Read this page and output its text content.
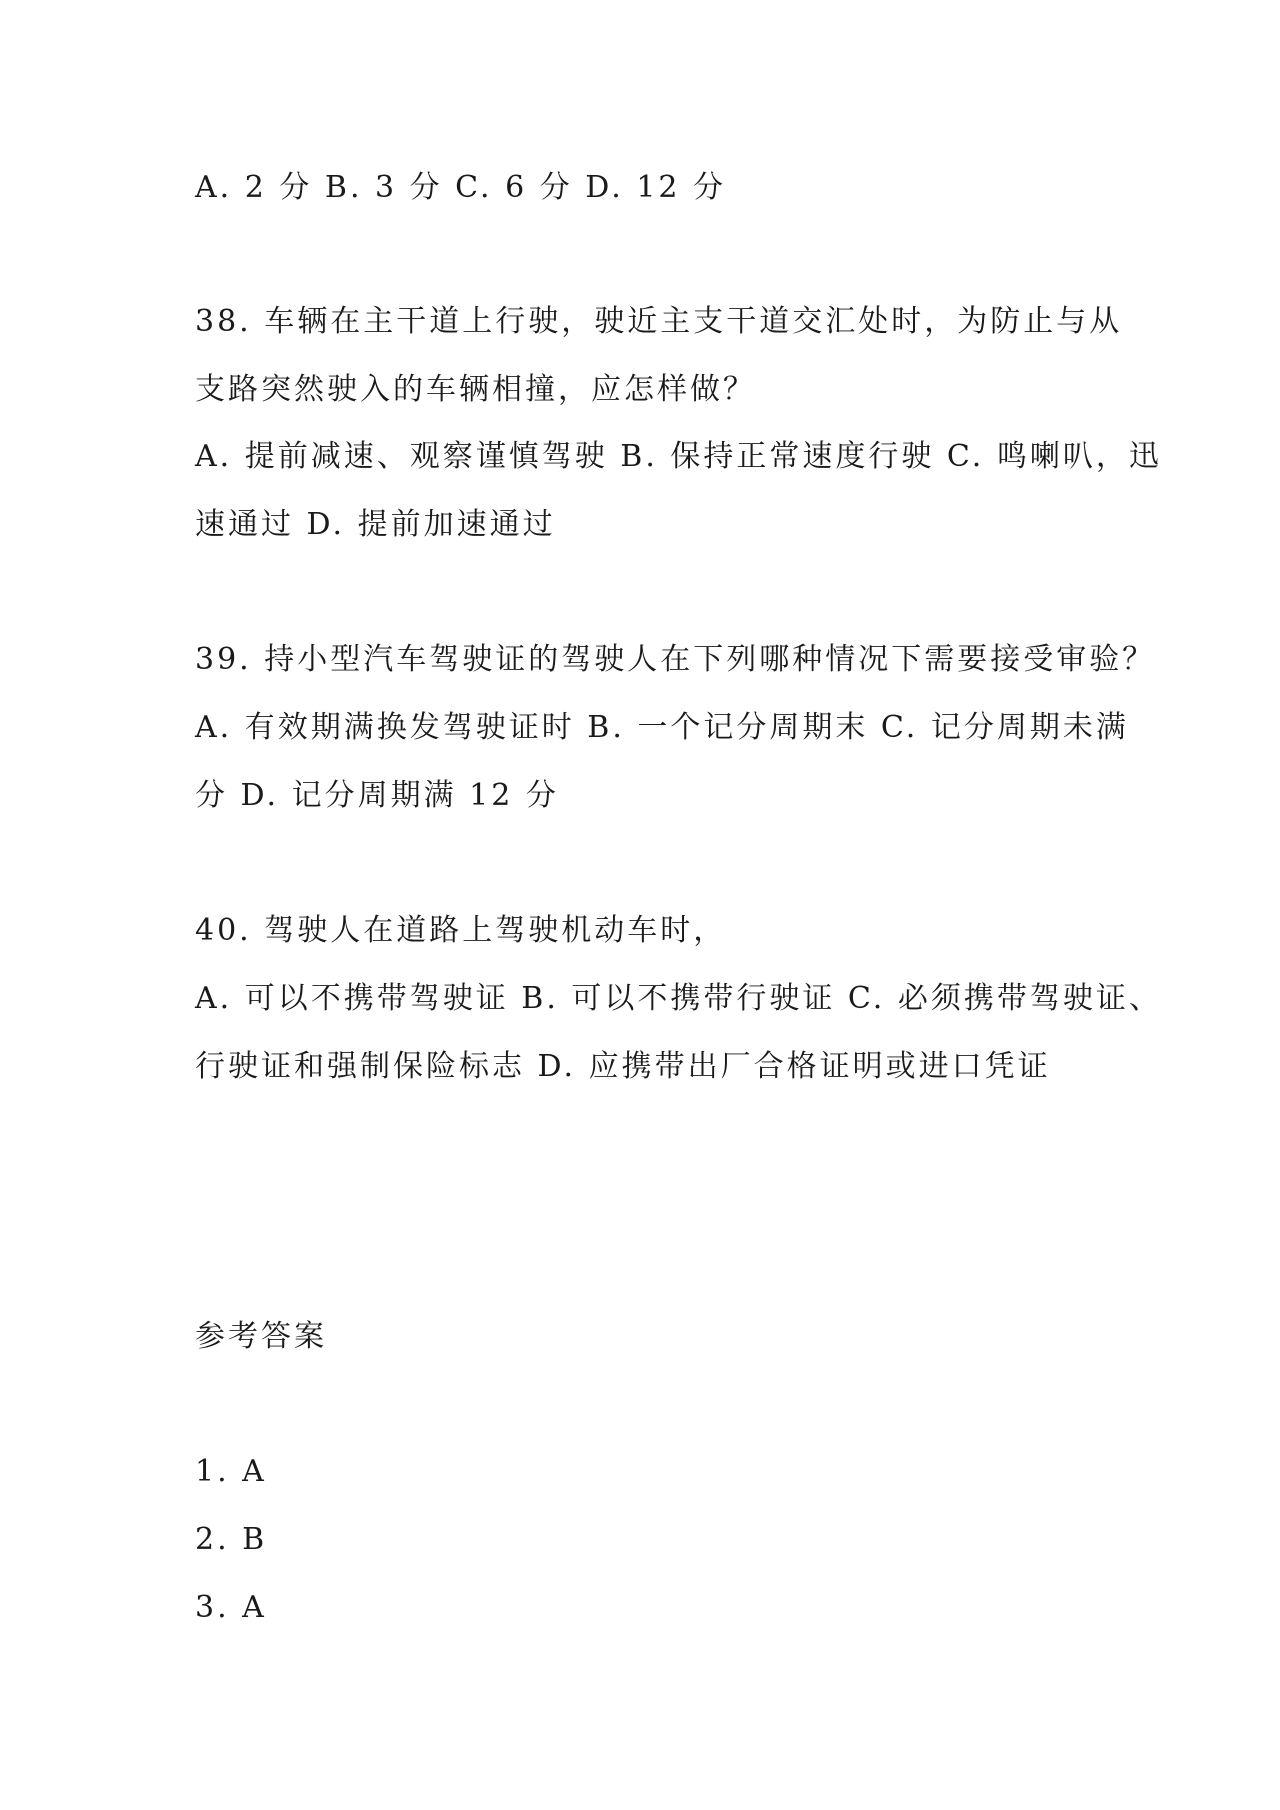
A. 2 分 B. 3 分 C. 6 分 D. 12 分
38. 车辆在主干道上行驶，驶近主支干道交汇处时，为防止与从
支路突然驶入的车辆相撞，应怎样做？
A. 提前减速、观察谨慎驾驶 B. 保持正常速度行驶 C. 鸣喇叭，迅
速通过 D. 提前加速通过
39. 持小型汽车驾驶证的驾驶人在下列哪种情况下需要接受审验？
A. 有效期满换发驾驶证时 B. 一个记分周期末 C. 记分周期未满
分 D. 记分周期满 12 分
40. 驾驶人在道路上驾驶机动车时，
A. 可以不携带驾驶证 B. 可以不携带行驶证 C. 必须携带驾驶证、
行驶证和强制保险标志 D. 应携带出厂合格证明或进口凭证
参考答案
1. A
2. B
3. A
